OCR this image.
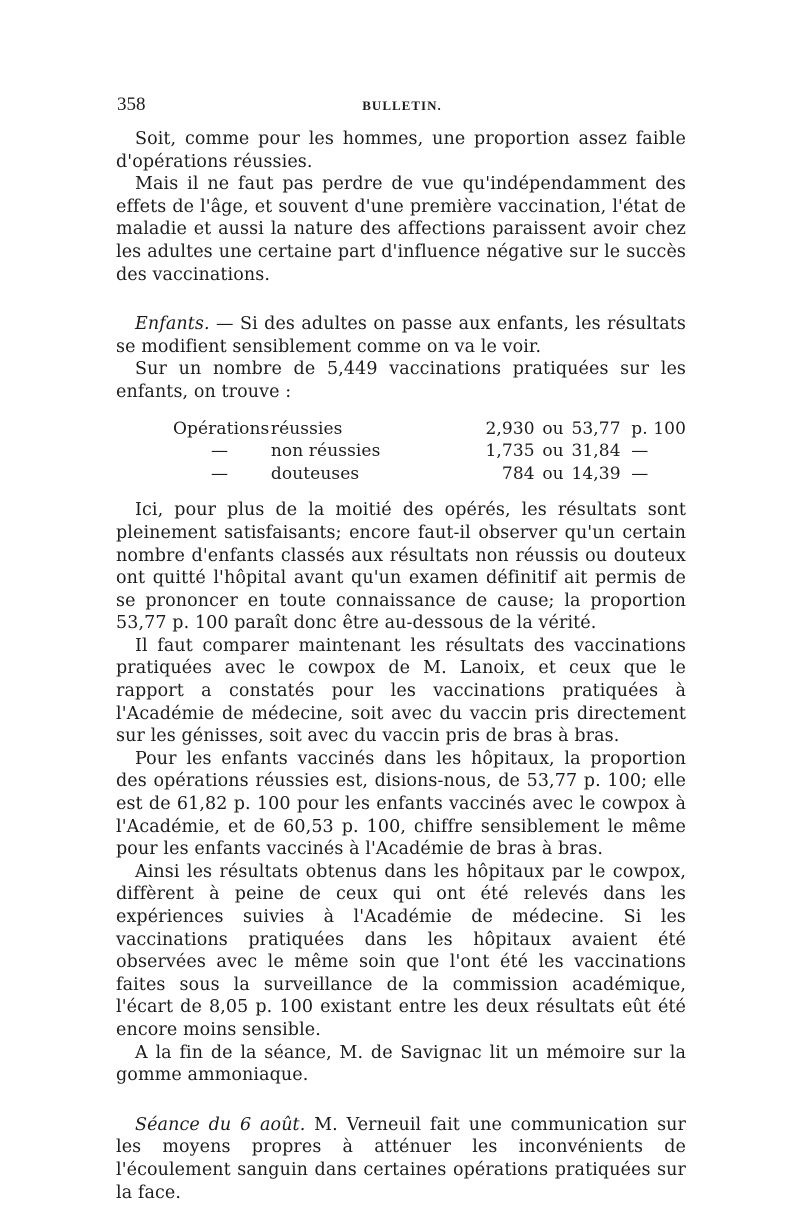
358	BULLETIN.

Soit, comme pour les hommes, une proportion assez faible d'opérations réussies.

Mais il ne faut pas perdre de vue qu'indépendamment des effets de l'âge, et souvent d'une première vaccination, l'état de maladie et aussi la nature des affections paraissent avoir chez les adultes une certaine part d'influence négative sur le succès des vaccinations.

Enfants. — Si des adultes on passe aux enfants, les résultats se modifient sensiblement comme on va le voir.

Sur un nombre de 5,449 vaccinations pratiquées sur les enfants, on trouve :

Opérations	réussies	2,930	ou	53,77	p. 100
—	non réussies	1,735	ou	31,84	—
—	douteuses	784	ou	14,39	—

Ici, pour plus de la moitié des opérés, les résultats sont pleinement satisfaisants; encore faut-il observer qu'un certain nombre d'enfants classés aux résultats non réussis ou douteux ont quitté l'hôpital avant qu'un examen définitif ait permis de se prononcer en toute connaissance de cause; la proportion 53,77 p. 100 paraît donc être au-dessous de la vérité.

Il faut comparer maintenant les résultats des vaccinations pratiquées avec le cowpox de M. Lanoix, et ceux que le rapport a constatés pour les vaccinations pratiquées à l'Académie de médecine, soit avec du vaccin pris directement sur les génisses, soit avec du vaccin pris de bras à bras.

Pour les enfants vaccinés dans les hôpitaux, la proportion des opérations réussies est, disions-nous, de 53,77 p. 100; elle est de 61,82 p. 100 pour les enfants vaccinés avec le cowpox à l'Académie, et de 60,53 p. 100, chiffre sensiblement le même pour les enfants vaccinés à l'Académie de bras à bras.

Ainsi les résultats obtenus dans les hôpitaux par le cowpox, diffèrent à peine de ceux qui ont été relevés dans les expériences suivies à l'Académie de médecine. Si les vaccinations pratiquées dans les hôpitaux avaient été observées avec le même soin que l'ont été les vaccinations faites sous la surveillance de la commission académique, l'écart de 8,05 p. 100 existant entre les deux résultats eût été encore moins sensible.

A la fin de la séance, M. de Savignac lit un mémoire sur la gomme ammoniaque.

Séance du 6 août. M. Verneuil fait une communication sur les moyens propres à atténuer les inconvénients de l'écoulement sanguin dans certaines opérations pratiquées sur la face.
